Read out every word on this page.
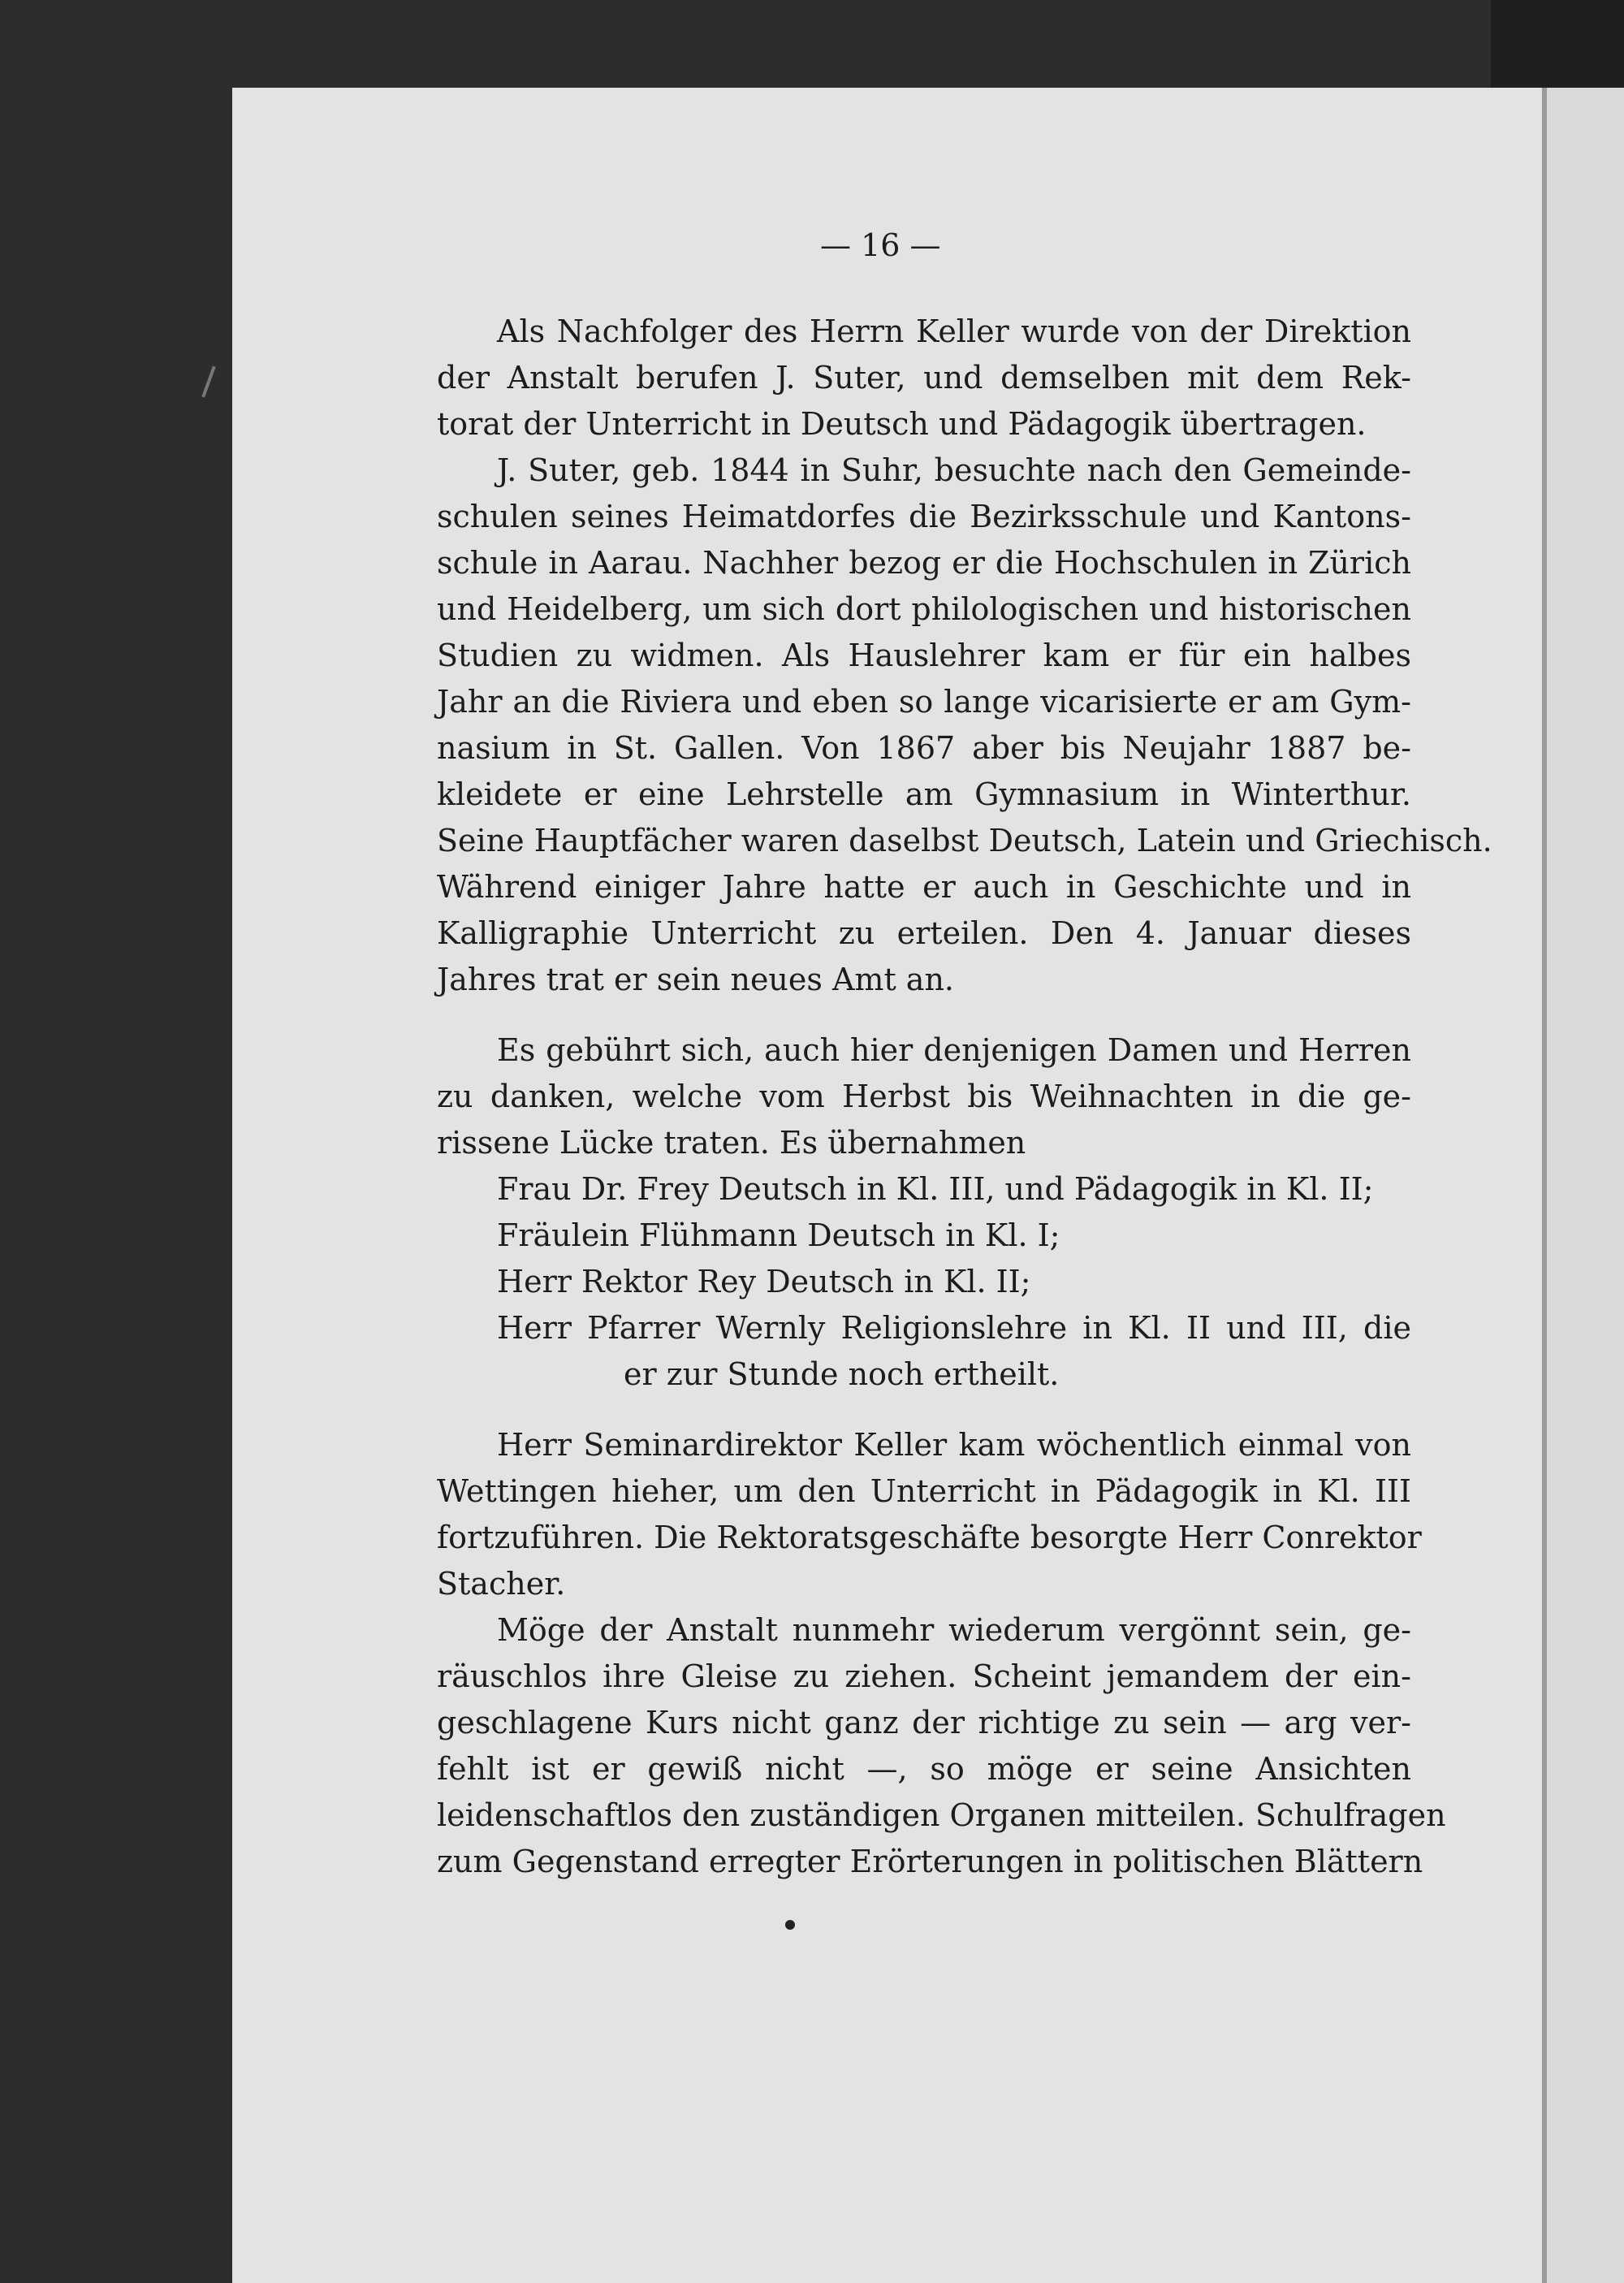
— 16 —
Als Nachfolger des Herrn Keller wurde von der Direktion
der Anstalt berufen J. Suter, und demselben mit dem Rek-
torat der Unterricht in Deutsch und Pädagogik übertragen.
J. Suter, geb. 1844 in Suhr, besuchte nach den Gemeinde-
schulen seines Heimatdorfes die Bezirksschule und Kantons-
schule in Aarau. Nachher bezog er die Hochschulen in Zürich
und Heidelberg, um sich dort philologischen und historischen
Studien zu widmen. Als Hauslehrer kam er für ein halbes
Jahr an die Riviera und eben so lange vicarisierte er am Gym-
nasium in St. Gallen. Von 1867 aber bis Neujahr 1887 be-
kleidete er eine Lehrstelle am Gymnasium in Winterthur.
Seine Hauptfächer waren daselbst Deutsch, Latein und Griechisch.
Während einiger Jahre hatte er auch in Geschichte und in
Kalligraphie Unterricht zu erteilen. Den 4. Januar dieses
Jahres trat er sein neues Amt an.
Es gebührt sich, auch hier denjenigen Damen und Herren
zu danken, welche vom Herbst bis Weihnachten in die ge-
rissene Lücke traten. Es übernahmen
Frau Dr. Frey Deutsch in Kl. III, und Pädagogik in Kl. II;
Fräulein Flühmann Deutsch in Kl. I;
Herr Rektor Rey Deutsch in Kl. II;
Herr Pfarrer Wernly Religionslehre in Kl. II und III, die
er zur Stunde noch ertheilt.
Herr Seminardirektor Keller kam wöchentlich einmal von
Wettingen hieher, um den Unterricht in Pädagogik in Kl. III
fortzuführen. Die Rektoratsgeschäfte besorgte Herr Conrektor
Stacher.
Möge der Anstalt nunmehr wiederum vergönnt sein, ge-
räuschlos ihre Gleise zu ziehen. Scheint jemandem der ein-
geschlagene Kurs nicht ganz der richtige zu sein — arg ver-
fehlt ist er gewiß nicht —, so möge er seine Ansichten
leidenschaftlos den zuständigen Organen mitteilen. Schulfragen
zum Gegenstand erregter Erörterungen in politischen Blättern
